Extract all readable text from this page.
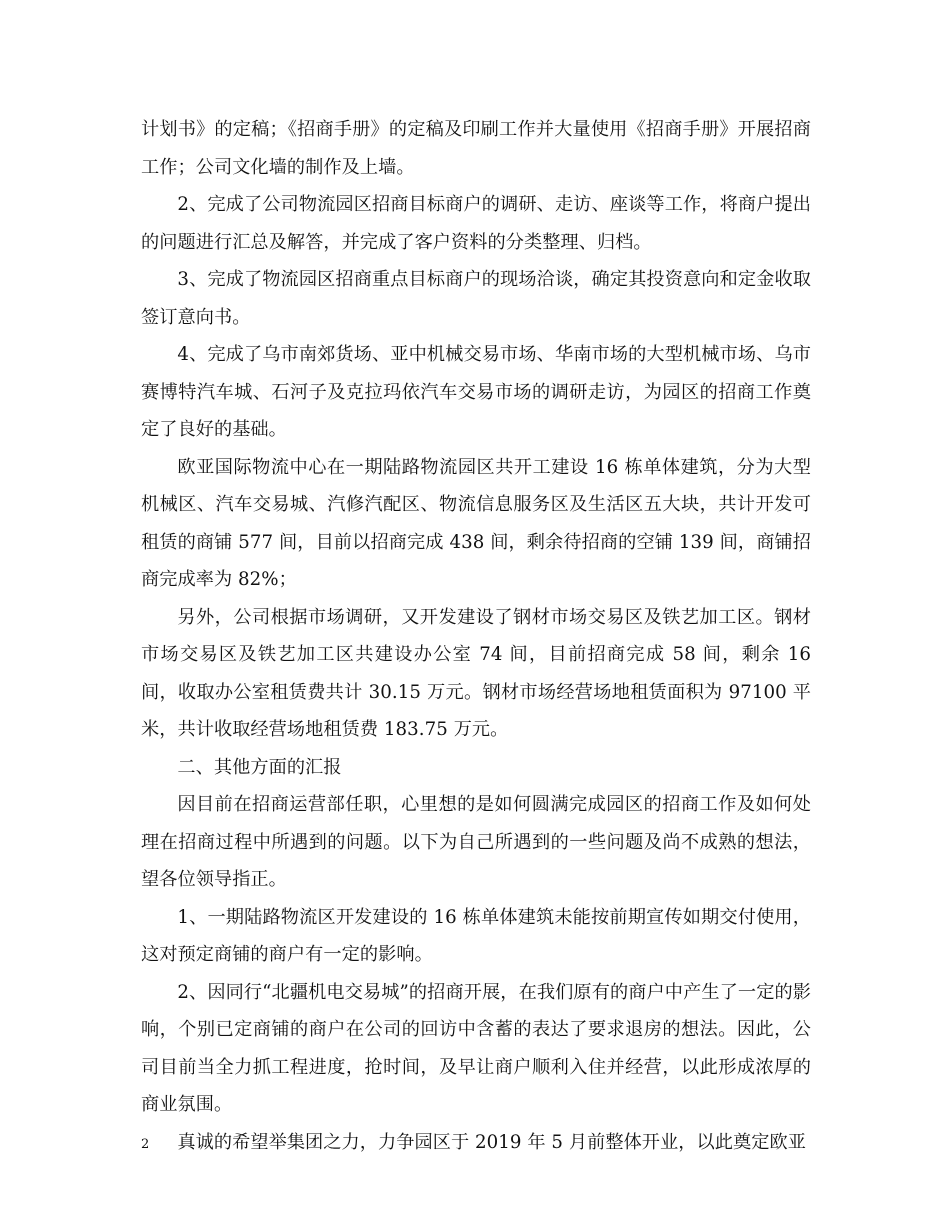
计划书》的定稿；《招商手册》的定稿及印刷工作并大量使用《招商手册》开展招商工作；公司文化墙的制作及上墙。

2、完成了公司物流园区招商目标商户的调研、走访、座谈等工作，将商户提出的问题进行汇总及解答，并完成了客户资料的分类整理、归档。

3、完成了物流园区招商重点目标商户的现场洽谈，确定其投资意向和定金收取签订意向书。

4、完成了乌市南郊货场、亚中机械交易市场、华南市场的大型机械市场、乌市赛博特汽车城、石河子及克拉玛依汽车交易市场的调研走访，为园区的招商工作奠定了良好的基础。

欧亚国际物流中心在一期陆路物流园区共开工建设 16 栋单体建筑，分为大型机械区、汽车交易城、汽修汽配区、物流信息服务区及生活区五大块，共计开发可租赁的商铺 577 间，目前以招商完成 438 间，剩余待招商的空铺 139 间，商铺招商完成率为 82%；

另外，公司根据市场调研，又开发建设了钢材市场交易区及铁艺加工区。钢材市场交易区及铁艺加工区共建设办公室 74 间，目前招商完成 58 间，剩余 16 间，收取办公室租赁费共计 30.15 万元。钢材市场经营场地租赁面积为 97100 平米，共计收取经营场地租赁费 183.75 万元。

二、其他方面的汇报

因目前在招商运营部任职，心里想的是如何圆满完成园区的招商工作及如何处理在招商过程中所遇到的问题。以下为自己所遇到的一些问题及尚不成熟的想法，望各位领导指正。

1、一期陆路物流区开发建设的 16 栋单体建筑未能按前期宣传如期交付使用，这对预定商铺的商户有一定的影响。

2、因同行“北疆机电交易城”的招商开展，在我们原有的商户中产生了一定的影响，个别已定商铺的商户在公司的回访中含蓄的表达了要求退房的想法。因此，公司目前当全力抓工程进度，抢时间，及早让商户顺利入住并经营，以此形成浓厚的商业氛围。

真诚的希望举集团之力，力争园区于 2019 年 5 月前整体开业，以此奠定欧亚

2
